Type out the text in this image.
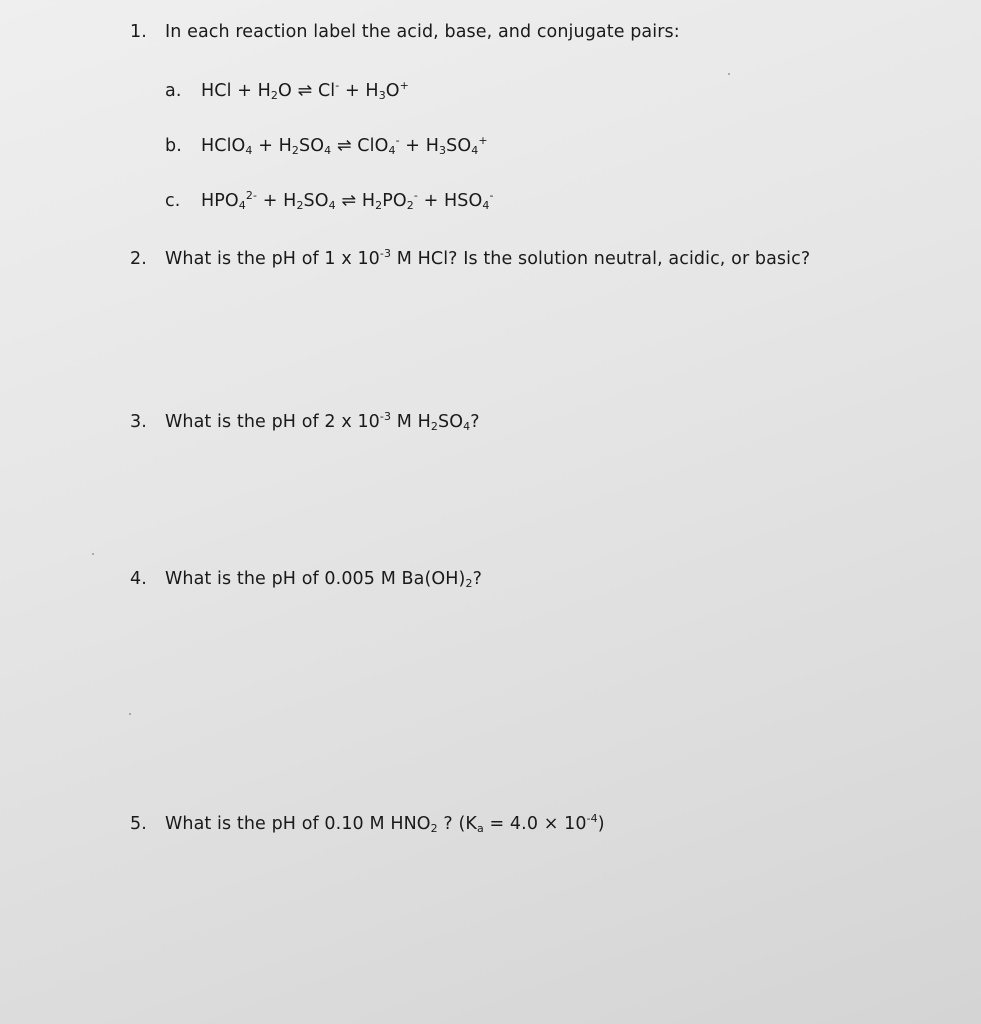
1. In each reaction label the acid, base, and conjugate pairs:
a. HCl + $H_2O$ ⇌ $Cl^- + H_3O^+$
b. HClO$_4$ + $H_2SO_4$ ⇌ $ClO_4^- + H_3SO_4^+$
c. $HPO_4^{2-} + H_2SO_4$ ⇌ $H_2PO_2^- + HSO_4^-$
2. What is the pH of 1 x $10^{-3}$ M HCl? Is the solution neutral, acidic, or basic?
3. What is the pH of 2 x $10^{-3}$ M $H_2SO_4$?
4. What is the pH of 0.005 M $Ba(OH)_2$?
5. What is the pH of 0.10 M $HNO_2$ ? $(K_a = 4.0 \times 10^{-4})$
